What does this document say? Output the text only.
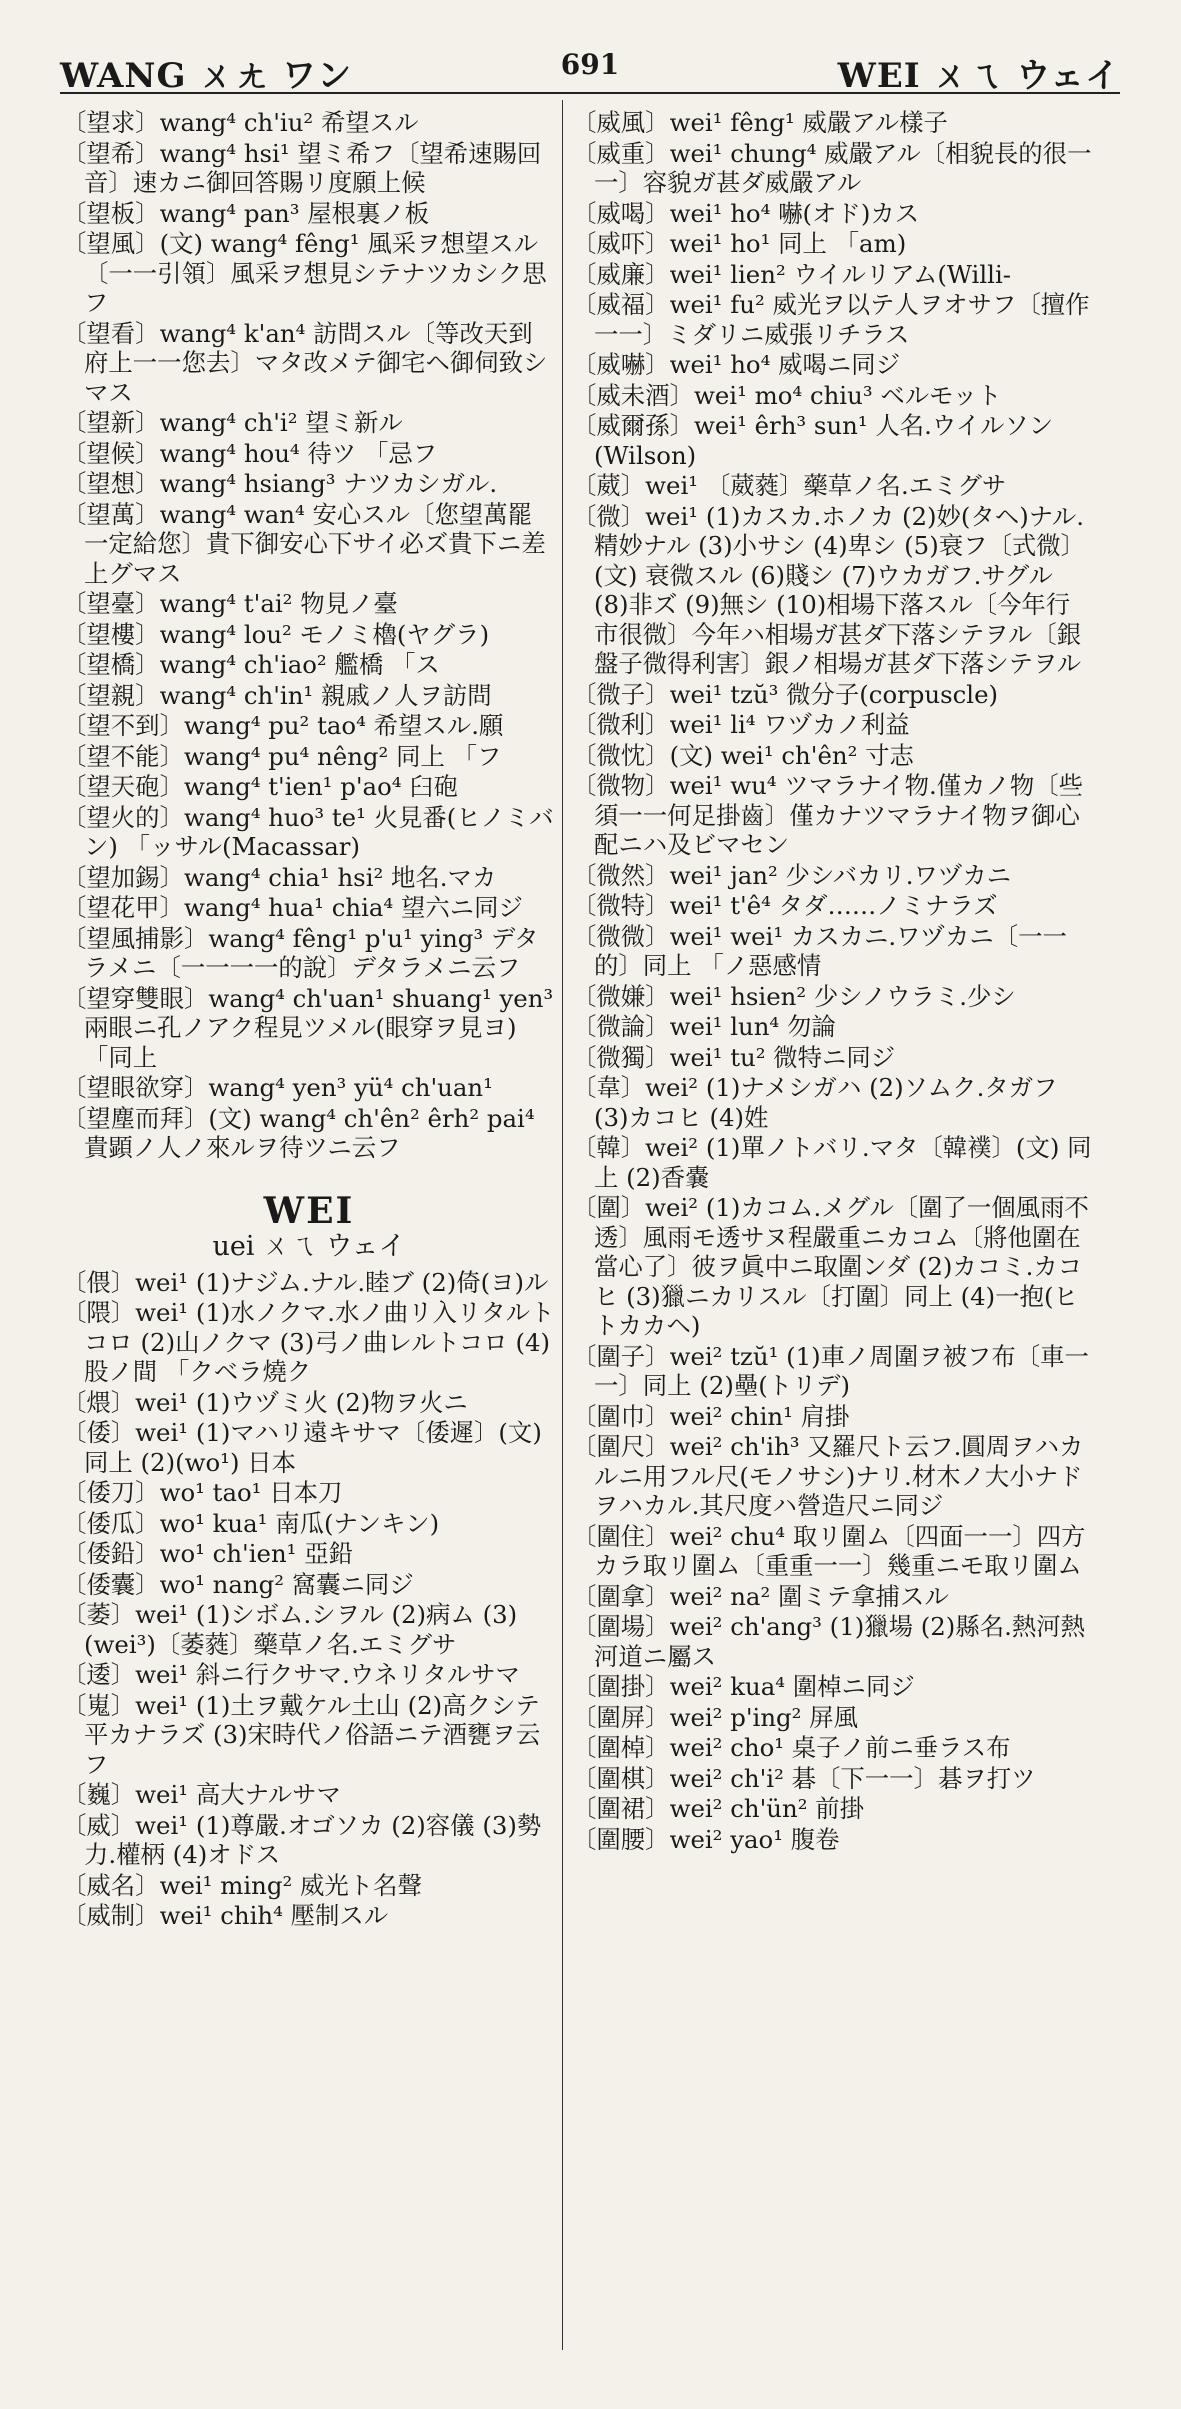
WANG ㄨㄤ ワン	691	WEI ㄨㄟ ウェイ
〔望求〕wang⁴ ch'iu² 希望スル
〔望希〕wang⁴ hsi¹ 望ミ希フ〔望希速賜回音〕速カニ御回答賜リ度願上候
〔望板〕wang⁴ pan³ 屋根裏ノ板
〔望風〕(文) wang⁴ fêng¹ 風采ヲ想望スル〔一一引領〕風采ヲ想見シテナツカシク思フ
〔望看〕wang⁴ k'an⁴ 訪問スル〔等改天到府上一一您去〕マタ改メテ御宅ヘ御伺致シマス
〔望新〕wang⁴ ch'i² 望ミ新ル
〔望候〕wang⁴ hou⁴ 待ツ 「忌フ
〔望想〕wang⁴ hsiang³ ナツカシガル.
〔望萬〕wang⁴ wan⁴ 安心スル〔您望萬罷一定給您〕貴下御安心下サイ必ズ貴下ニ差上グマス
〔望臺〕wang⁴ t'ai² 物見ノ臺
〔望樓〕wang⁴ lou² モノミ櫓(ヤグラ)
〔望橋〕wang⁴ ch'iao² 艦橋 「ス
〔望親〕wang⁴ ch'in¹ 親戚ノ人ヲ訪問
〔望不到〕wang⁴ pu² tao⁴ 希望スル.願
〔望不能〕wang⁴ pu⁴ nêng² 同上 「フ
〔望天砲〕wang⁴ t'ien¹ p'ao⁴ 臼砲
〔望火的〕wang⁴ huo³ te¹ 火見番(ヒノミバン) 「ッサル(Macassar)
〔望加錫〕wang⁴ chia¹ hsi² 地名.マカ
〔望花甲〕wang⁴ hua¹ chia⁴ 望六ニ同ジ
〔望風捕影〕wang⁴ fêng¹ p'u¹ ying³ デタラメニ〔一一一一的說〕デタラメニ云フ
〔望穿雙眼〕wang⁴ ch'uan¹ shuang¹ yen³ 兩眼ニ孔ノアク程見ツメル(眼穿ヲ見ヨ) 「同上
〔望眼欲穿〕wang⁴ yen³ yü⁴ ch'uan¹
〔望塵而拜〕(文) wang⁴ ch'ên² êrh² pai⁴ 貴顕ノ人ノ來ルヲ待ツニ云フ
WEI
uei ㄨㄟ ウェイ
〔偎〕wei¹ (1)ナジム.ナル.睦ブ (2)倚(ヨ)ル
〔隈〕wei¹ (1)水ノクマ.水ノ曲リ入リタルトコロ (2)山ノクマ (3)弓ノ曲レルトコロ (4)股ノ間 「クベラ燒ク
〔煨〕wei¹ (1)ウヅミ火 (2)物ヲ火ニ
〔倭〕wei¹ (1)マハリ遠キサマ〔倭遲〕(文) 同上 (2)(wo¹) 日本
〔倭刀〕wo¹ tao¹ 日本刀
〔倭瓜〕wo¹ kua¹ 南瓜(ナンキン)
〔倭鉛〕wo¹ ch'ien¹ 亞鉛
〔倭囊〕wo¹ nang² 窩囊ニ同ジ
〔萎〕wei¹ (1)シボム.シヲル (2)病ム (3)(wei³)〔萎蕤〕藥草ノ名.エミグサ
〔逶〕wei¹ 斜ニ行クサマ.ウネリタルサマ
〔嵬〕wei¹ (1)土ヲ戴ケル土山 (2)高クシテ平カナラズ (3)宋時代ノ俗語ニテ酒甕ヲ云フ
〔巍〕wei¹ 高大ナルサマ
〔威〕wei¹ (1)尊嚴.オゴソカ (2)容儀 (3)勢力.權柄 (4)オドス
〔威名〕wei¹ ming² 威光ト名聲
〔威制〕wei¹ chih⁴ 壓制スル
〔威風〕wei¹ fêng¹ 威嚴アル樣子
〔威重〕wei¹ chung⁴ 威嚴アル〔相貌長的很一一〕容貌ガ甚ダ威嚴アル
〔威喝〕wei¹ ho⁴ 嚇(オド)カス
〔威吓〕wei¹ ho¹ 同上 「am)
〔威廉〕wei¹ lien² ウイルリアム(Willi-
〔威福〕wei¹ fu² 威光ヲ以テ人ヲオサフ〔擅作一一〕ミダリニ威張リチラス
〔威嚇〕wei¹ ho⁴ 威喝ニ同ジ
〔威未酒〕wei¹ mo⁴ chiu³ ベルモット
〔威爾孫〕wei¹ êrh³ sun¹ 人名.ウイルソン(Wilson)
〔葳〕wei¹ 〔葳蕤〕藥草ノ名.エミグサ
〔微〕wei¹ (1)カスカ.ホノカ (2)妙(タヘ)ナル.精妙ナル (3)小サシ (4)卑シ (5)衰フ〔式微〕(文) 衰微スル (6)賤シ (7)ウカガフ.サグル (8)非ズ (9)無シ (10)相場下落スル〔今年行市很微〕今年ハ相場ガ甚ダ下落シテヲル〔銀盤子微得利害〕銀ノ相場ガ甚ダ下落シテヲル
〔微子〕wei¹ tzŭ³ 微分子(corpuscle)
〔微利〕wei¹ li⁴ ワヅカノ利益
〔微忱〕(文) wei¹ ch'ên² 寸志
〔微物〕wei¹ wu⁴ ツマラナイ物.僅カノ物〔些須一一何足掛齒〕僅カナツマラナイ物ヲ御心配ニハ及ビマセン
〔微然〕wei¹ jan² 少シバカリ.ワヅカニ
〔微特〕wei¹ t'ê⁴ タダ……ノミナラズ
〔微微〕wei¹ wei¹ カスカニ.ワヅカニ〔一一的〕同上 「ノ惡感情
〔微嫌〕wei¹ hsien² 少シノウラミ.少シ
〔微論〕wei¹ lun⁴ 勿論
〔微獨〕wei¹ tu² 微特ニ同ジ
〔韋〕wei² (1)ナメシガハ (2)ソムク.タガフ (3)カコヒ (4)姓
〔韓〕wei² (1)單ノトバリ.マタ〔韓襆〕(文) 同上 (2)香嚢
〔圍〕wei² (1)カコム.メグル〔圍了一個風雨不透〕風雨モ透サヌ程嚴重ニカコム〔將他圍在當心了〕彼ヲ眞中ニ取圍ンダ (2)カコミ.カコヒ (3)獵ニカリスル〔打圍〕同上 (4)一抱(ヒトカカヘ)
〔圍子〕wei² tzŭ¹ (1)車ノ周圍ヲ被フ布〔車一一〕同上 (2)壘(トリデ)
〔圍巾〕wei² chin¹ 肩掛
〔圍尺〕wei² ch'ih³ 又羅尺ト云フ.圓周ヲハカルニ用フル尺(モノサシ)ナリ.材木ノ大小ナドヲハカル.其尺度ハ營造尺ニ同ジ
〔圍住〕wei² chu⁴ 取リ圍ム〔四面一一〕四方カラ取リ圍ム〔重重一一〕幾重ニモ取リ圍ム
〔圍拿〕wei² na² 圍ミテ拿捕スル
〔圍場〕wei² ch'ang³ (1)獵場 (2)縣名.熱河熱河道ニ屬ス
〔圍掛〕wei² kua⁴ 圍棹ニ同ジ
〔圍屏〕wei² p'ing² 屏風
〔圍棹〕wei² cho¹ 桌子ノ前ニ垂ラス布
〔圍棋〕wei² ch'i² 碁〔下一一〕碁ヲ打ツ
〔圍裙〕wei² ch'ün² 前掛
〔圍腰〕wei² yao¹ 腹卷
